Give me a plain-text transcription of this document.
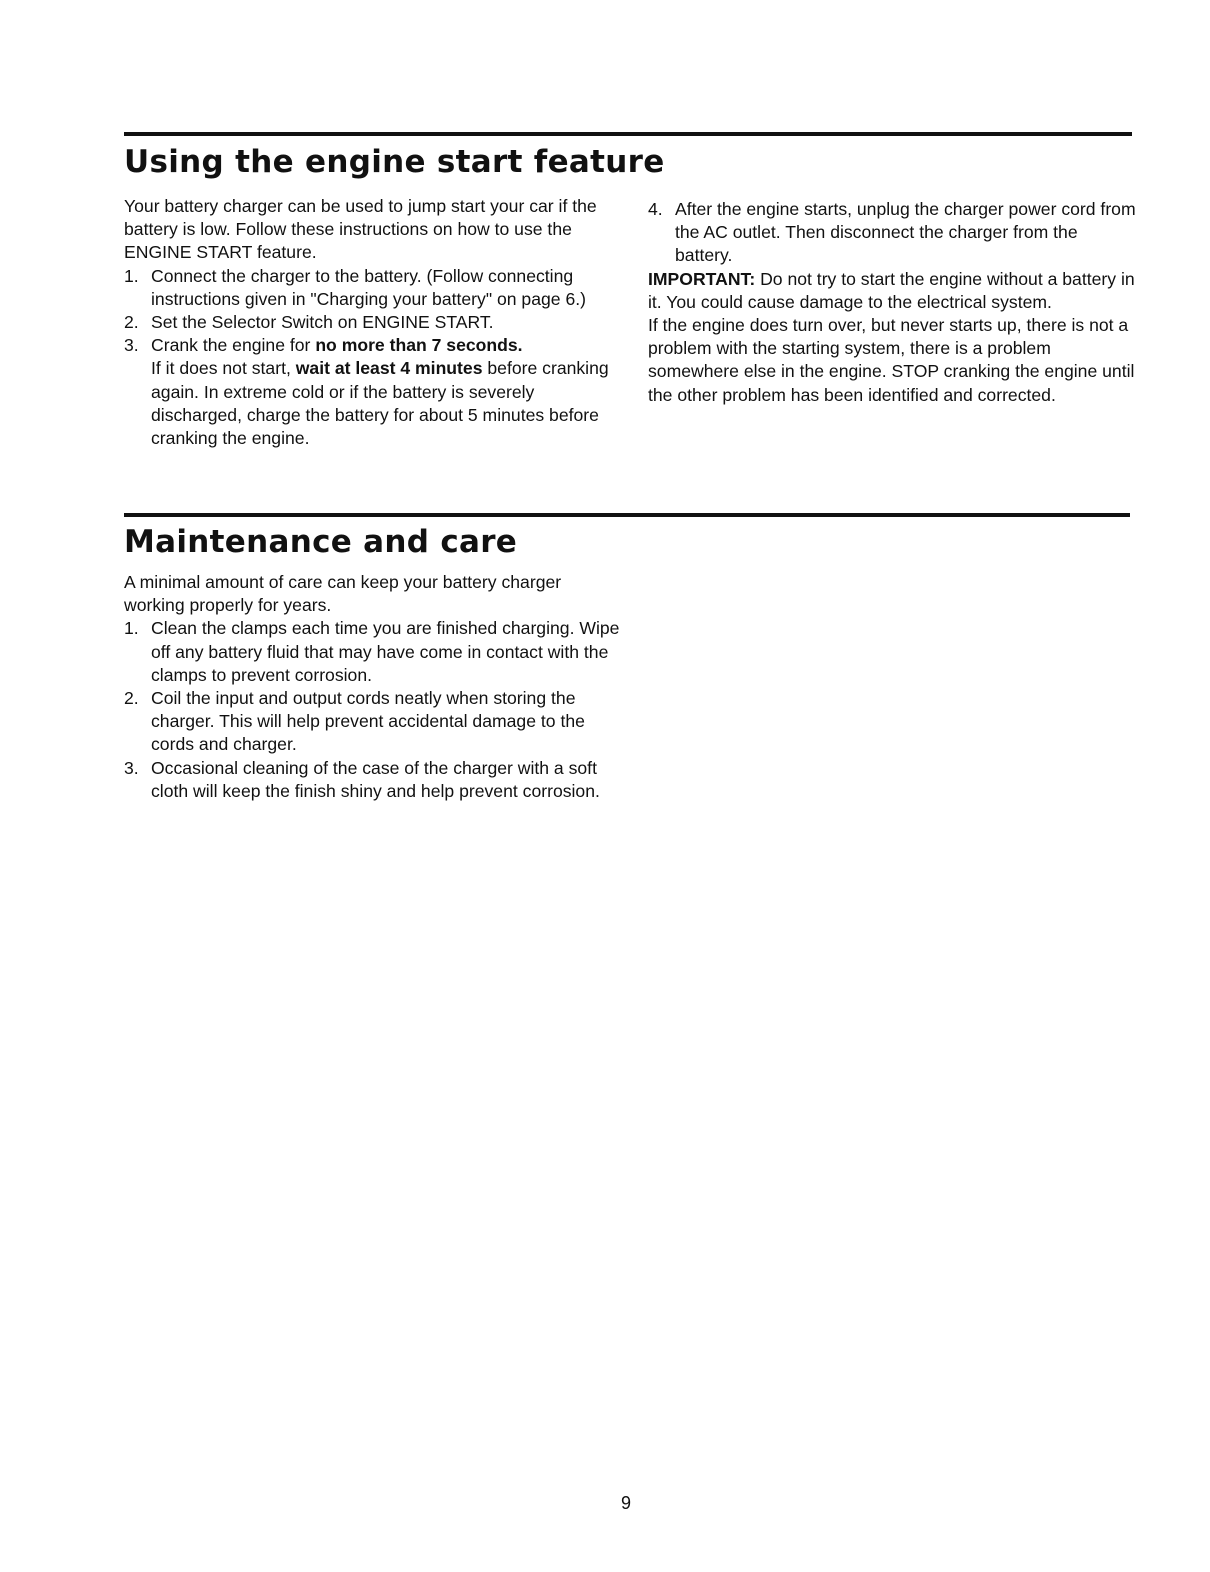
Using the engine start feature

Your battery charger can be used to jump start your car if the battery is low. Follow these instructions on how to use the ENGINE START feature.

1. Connect the charger to the battery. (Follow connecting instructions given in "Charging your battery" on page 6.)
2. Set the Selector Switch on ENGINE START.
3. Crank the engine for no more than 7 seconds.
If it does not start, wait at least 4 minutes before cranking again. In extreme cold or if the battery is severely discharged, charge the battery for about 5 minutes before cranking the engine.
4. After the engine starts, unplug the charger power cord from the AC outlet. Then disconnect the charger from the battery.

IMPORTANT: Do not try to start the engine without a battery in it. You could cause damage to the electrical system.

If the engine does turn over, but never starts up, there is not a problem with the starting system, there is a problem somewhere else in the engine. STOP cranking the engine until the other problem has been identified and corrected.

Maintenance and care

A minimal amount of care can keep your battery charger working properly for years.

1. Clean the clamps each time you are finished charging. Wipe off any battery fluid that may have come in contact with the clamps to prevent corrosion.
2. Coil the input and output cords neatly when storing the charger. This will help prevent accidental damage to the cords and charger.
3. Occasional cleaning of the case of the charger with a soft cloth will keep the finish shiny and help prevent corrosion.
9
